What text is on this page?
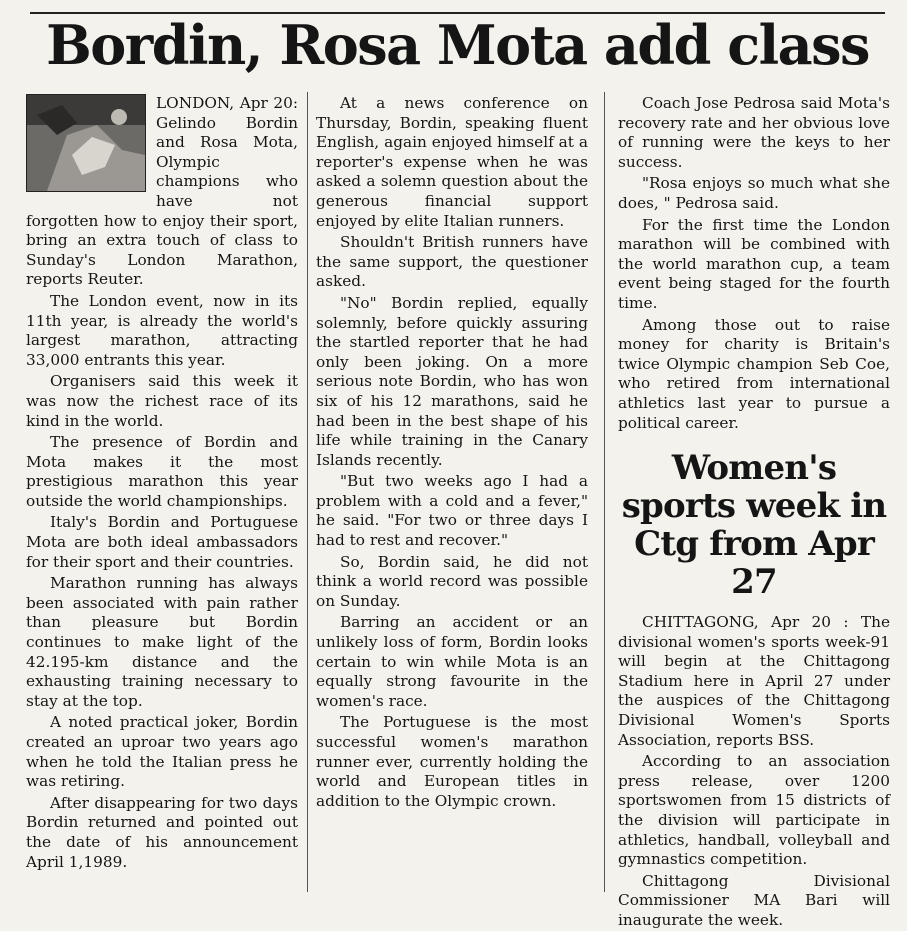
Bordin, Rosa Mota add class

LONDON, Apr 20: Gelindo Bordin and Rosa Mota, Olympic champions who have not forgotten how to enjoy their sport, bring an extra touch of class to Sunday's London Marathon, reports Reuter.

The London event, now in its 11th year, is already the world's largest marathon, attracting 33,000 entrants this year.

Organisers said this week it was now the richest race of its kind in the world.

The presence of Bordin and Mota makes it the most prestigious marathon this year outside the world championships.

Italy's Bordin and Portuguese Mota are both ideal ambassadors for their sport and their countries.

Marathon running has always been associated with pain rather than pleasure but Bordin continues to make light of the 42.195-km distance and the exhausting training necessary to stay at the top.

A noted practical joker, Bordin created an uproar two years ago when he told the Italian press he was retiring.

After disappearing for two days Bordin returned and pointed out the date of his announcement April 1,1989.

At a news conference on Thursday, Bordin, speaking fluent English, again enjoyed himself at a reporter's expense when he was asked a solemn question about the generous financial support enjoyed by elite Italian runners.

Shouldn't British runners have the same support, the questioner asked.

"No" Bordin replied, equally solemnly, before quickly assuring the startled reporter that he had only been joking. On a more serious note Bordin, who has won six of his 12 marathons, said he had been in the best shape of his life while training in the Canary Islands recently.

"But two weeks ago I had a problem with a cold and a fever," he said. "For two or three days I had to rest and recover."

So, Bordin said, he did not think a world record was possible on Sunday.

Barring an accident or an unlikely loss of form, Bordin looks certain to win while Mota is an equally strong favourite in the women's race.

The Portuguese is the most successful women's marathon runner ever, currently holding the world and European titles in addition to the Olympic crown.

Coach Jose Pedrosa said Mota's recovery rate and her obvious love of running were the keys to her success.

"Rosa enjoys so much what she does, " Pedrosa said.

For the first time the London marathon will be combined with the world marathon cup, a team event being staged for the fourth time.

Among those out to raise money for charity is Britain's twice Olympic champion Seb Coe, who retired from international athletics last year to pursue a political career.

Women's sports week in Ctg from Apr 27

CHITTAGONG, Apr 20 : The divisional women's sports week-91 will begin at the Chittagong Stadium here in April 27 under the auspices of the Chittagong Divisional Women's Sports Association, reports BSS.

According to an association press release, over 1200 sportswomen from 15 districts of the division will participate in athletics, handball, volleyball and gymnastics competition.

Chittagong Divisional Commissioner MA Bari will inaugurate the week.
